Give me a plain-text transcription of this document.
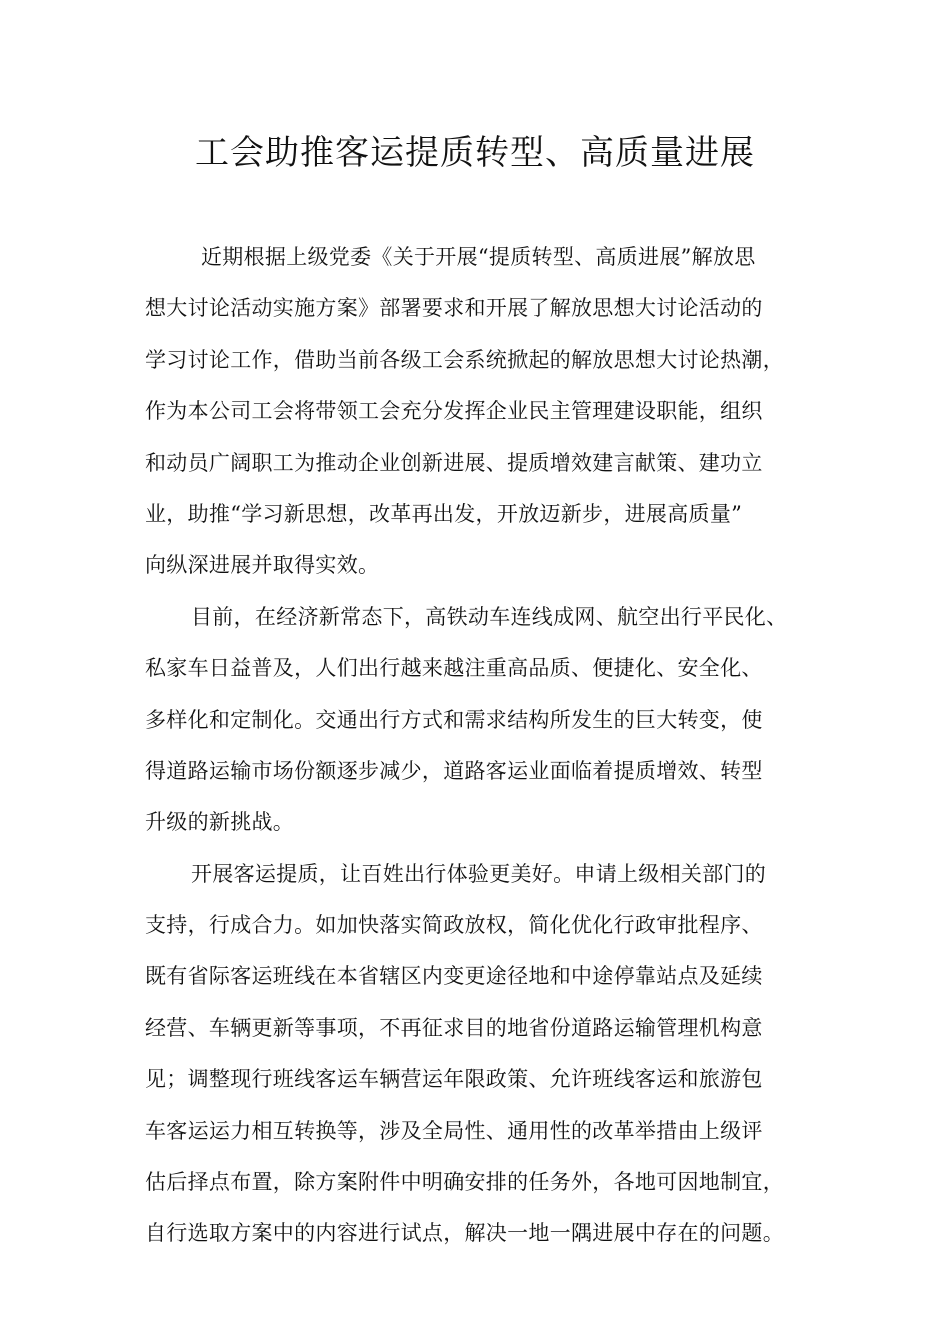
工会助推客运提质转型、高质量进展
近期根据上级党委《关于开展“提质转型、高质进展”解放思
想大讨论活动实施方案》部署要求和开展了解放思想大讨论活动的
学习讨论工作，借助当前各级工会系统掀起的解放思想大讨论热潮，
作为本公司工会将带领工会充分发挥企业民主管理建设职能，组织
和动员广阔职工为推动企业创新进展、提质增效建言献策、建功立
业，助推“学习新思想，改革再出发，开放迈新步，进展高质量”
向纵深进展并取得实效。
目前，在经济新常态下，高铁动车连线成网、航空出行平民化、
私家车日益普及，人们出行越来越注重高品质、便捷化、安全化、
多样化和定制化。交通出行方式和需求结构所发生的巨大转变，使
得道路运输市场份额逐步减少，道路客运业面临着提质增效、转型
升级的新挑战。
开展客运提质，让百姓出行体验更美好。申请上级相关部门的
支持，行成合力。如加快落实简政放权，简化优化行政审批程序、
既有省际客运班线在本省辖区内变更途径地和中途停靠站点及延续
经营、车辆更新等事项，不再征求目的地省份道路运输管理机构意
见；调整现行班线客运车辆营运年限政策、允许班线客运和旅游包
车客运运力相互转换等，涉及全局性、通用性的改革举措由上级评
估后择点布置，除方案附件中明确安排的任务外，各地可因地制宜，
自行选取方案中的内容进行试点，解决一地一隅进展中存在的问题。
